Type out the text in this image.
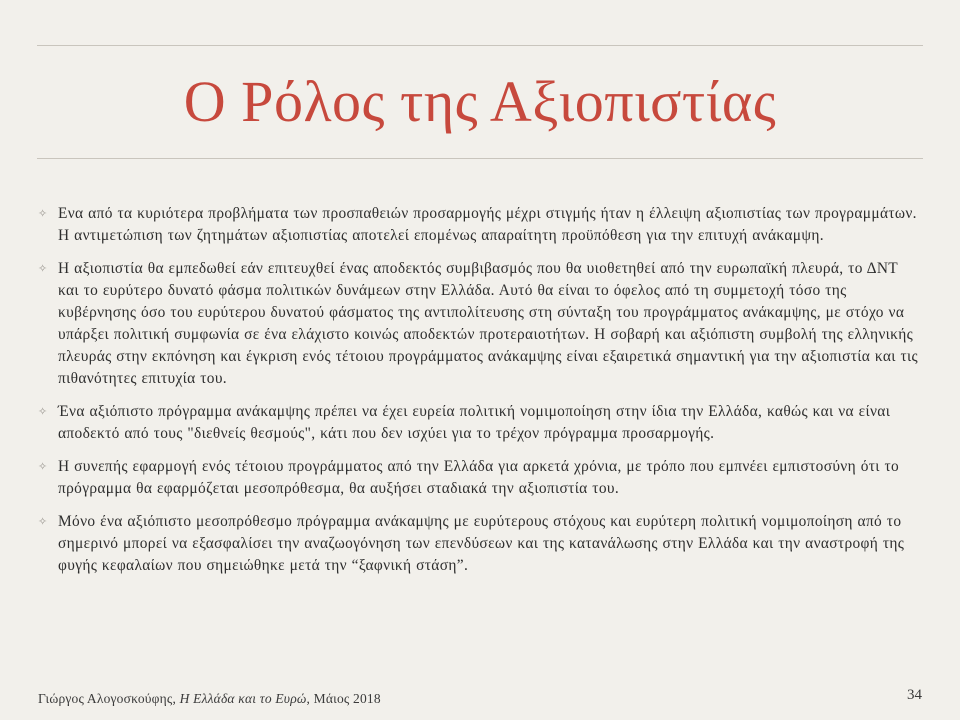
Ο Ρόλος της Αξιοπιστίας
✧ Ενα από τα κυριότερα προβλήματα των προσπαθειών προσαρμογής μέχρι στιγμής ήταν η έλλειψη αξιοπιστίας των προγραμμάτων. Η αντιμετώπιση των ζητημάτων αξιοπιστίας αποτελεί επομένως απαραίτητη προϋπόθεση για την επιτυχή ανάκαμψη.
✧ Η αξιοπιστία θα εμπεδωθεί εάν επιτευχθεί ένας αποδεκτός συμβιβασμός που θα υιοθετηθεί από την ευρωπαϊκή πλευρά, το ΔΝΤ και το ευρύτερο δυνατό φάσμα πολιτικών δυνάμεων στην Ελλάδα. Αυτό θα είναι το όφελος από τη συμμετοχή τόσο της κυβέρνησης όσο του ευρύτερου δυνατού φάσματος της αντιπολίτευσης στη σύνταξη του προγράμματος ανάκαμψης, με στόχο να υπάρξει πολιτική συμφωνία σε ένα ελάχιστο κοινώς αποδεκτών προτεραιοτήτων. Η σοβαρή και αξιόπιστη συμβολή της ελληνικής πλευράς στην εκπόνηση και έγκριση ενός τέτοιου προγράμματος ανάκαμψης είναι εξαιρετικά σημαντική για την αξιοπιστία και τις πιθανότητες επιτυχία του.
✧ Ένα αξιόπιστο πρόγραμμα ανάκαμψης πρέπει να έχει ευρεία πολιτική νομιμοποίηση στην ίδια την Ελλάδα, καθώς και να είναι αποδεκτό από τους "διεθνείς θεσμούς", κάτι που δεν ισχύει για το τρέχον πρόγραμμα προσαρμογής.
✧ Η συνεπής εφαρμογή ενός τέτοιου προγράμματος από την Ελλάδα για αρκετά χρόνια, με τρόπο που εμπνέει εμπιστοσύνη ότι το πρόγραμμα θα εφαρμόζεται μεσοπρόθεσμα, θα αυξήσει σταδιακά την αξιοπιστία του.
✧ Μόνο ένα αξιόπιστο μεσοπρόθεσμο πρόγραμμα ανάκαμψης με ευρύτερους στόχους και ευρύτερη πολιτική νομιμοποίηση από το σημερινό μπορεί να εξασφαλίσει την αναζωογόνηση των επενδύσεων και της κατανάλωσης στην Ελλάδα και την αναστροφή της φυγής κεφαλαίων που σημειώθηκε μετά την “ξαφνική στάση”.
Γιώργος Αλογοσκούφης, Η Ελλάδα και το Ευρώ, Μάιος 2018	34
